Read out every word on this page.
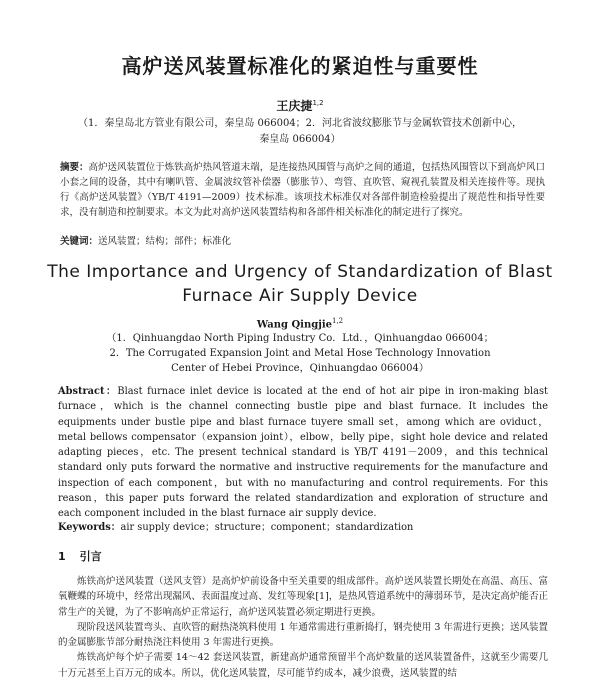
高炉送风装置标准化的紧迫性与重要性
王庆捷$^{1,2}$
（1．秦皇岛北方管业有限公司，秦皇岛 066004；2．河北省波纹膨胀节与金属软管技术创新中心，
秦皇岛 066004）
摘要：高炉送风装置位于炼铁高炉热风管道末端，是连接热风围管与高炉之间的通道，包括热风围管以下到高炉风口小套之间的设备，其中有喇叭管、金属波纹管补偿器（膨胀节）、弯管、直吹管、窥视孔装置及相关连接件等。现执行《高炉送风装置》（YB/T 4191—2009）技术标准。该项技术标准仅对各部件制造检验提出了规范性和指导性要求，没有制造和控制要求。本文为此对高炉送风装置结构和各部件相关标准化的制定进行了探究。
关键词：送风装置；结构；部件；标准化
The Importance and Urgency of Standardization of Blast
Furnace Air Supply Device
Wang Qingjie$^{1,2}$
（1．Qinhuangdao North Piping Industry Co．Ltd．，Qinhuangdao 066004；
2．The Corrugated Expansion Joint and Metal Hose Technology Innovation
Center of Hebei Province，Qinhuangdao 066004）
Abstract：Blast furnace inlet device is located at the end of hot air pipe in iron-making blast furnace，which is the channel connecting bustle pipe and blast furnace. It includes the equipments under bustle pipe and blast furnace tuyere small set，among which are oviduct，metal bellows compensator（expansion joint），elbow，belly pipe，sight hole device and related adapting pieces，etc. The present technical standard is YB/T 4191－2009，and this technical standard only puts forward the normative and instructive requirements for the manufacture and inspection of each component，but with no manufacturing and control requirements. For this reason，this paper puts forward the related standardization and exploration of structure and each component included in the blast furnace air supply device.
Keywords：air supply device；structure；component；standardization
1 引言

炼铁高炉送风装置（送风支管）是高炉炉前设备中至关重要的组成部件。高炉送风装置长期处在高温、高压、富氧鞭蝶的环境中，经常出现漏风、表面温度过高、发红等现象[1]，是热风管道系统中的薄弱环节，是决定高炉能否正常生产的关键，为了不影响高炉正常运行，高炉送风装置必须定期进行更换。

现阶段送风装置弯头、直吹管的耐热浇筑料使用 1 年通常需进行重新捣打，钢壳使用 3 年需进行更换；送风装置的金属膨胀节部分耐热浇注料使用 3 年需进行更换。

炼铁高炉每个炉子需要 14～42 套送风装置，新建高炉通常预留半个高炉数量的送风装置备件，这就至少需要几十万元甚至上百万元的成本。所以，优化送风装置，尽可能节约成本，减少浪费，送风装置的结
